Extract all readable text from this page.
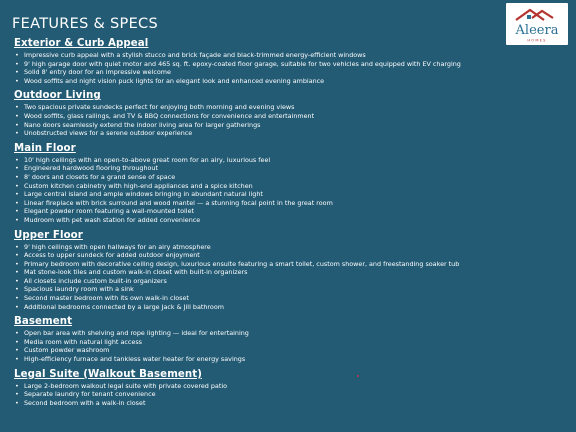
FEATURES & SPECS	Aleera
HOMES
Exterior & Curb Appeal
• Impressive curb appeal with a stylish stucco and brick façade and black-trimmed energy-efficient windows
• 9' high garage door with quiet motor and 465 sq. ft. epoxy-coated floor garage, suitable for two vehicles and equipped with EV charging
• Solid 8' entry door for an impressive welcome
• Wood soffits and night vision puck lights for an elegant look and enhanced evening ambiance
Outdoor Living
• Two spacious private sundecks perfect for enjoying both morning and evening views
• Wood soffits, glass railings, and TV & BBQ connections for convenience and entertainment
• Nano doors seamlessly extend the indoor living area for larger gatherings
• Unobstructed views for a serene outdoor experience
Main Floor
• 10' high ceilings with an open-to-above great room for an airy, luxurious feel
• Engineered hardwood flooring throughout
• 8' doors and closets for a grand sense of space
• Custom kitchen cabinetry with high-end appliances and a spice kitchen
• Large central island and ample windows bringing in abundant natural light
• Linear fireplace with brick surround and wood mantel — a stunning focal point in the great room
• Elegant powder room featuring a wall-mounted toilet
• Mudroom with pet wash station for added convenience
Upper Floor
• 9' high ceilings with open hallways for an airy atmosphere
• Access to upper sundeck for added outdoor enjoyment
• Primary bedroom with decorative ceiling design, luxurious ensuite featuring a smart toilet, custom shower, and freestanding soaker tub
• Mat stone-look tiles and custom walk-in closet with built-in organizers
• All closets include custom built-in organizers
• Spacious laundry room with a sink
• Second master bedroom with its own walk-in closet
• Additional bedrooms connected by a large Jack & Jill bathroom
Basement
• Open bar area with shelving and rope lighting — ideal for entertaining
• Media room with natural light access
• Custom powder washroom
• High-efficiency furnace and tankless water heater for energy savings
Legal Suite (Walkout Basement)
• Large 2-bedroom walkout legal suite with private covered patio
• Separate laundry for tenant convenience
• Second bedroom with a walk-in closet
